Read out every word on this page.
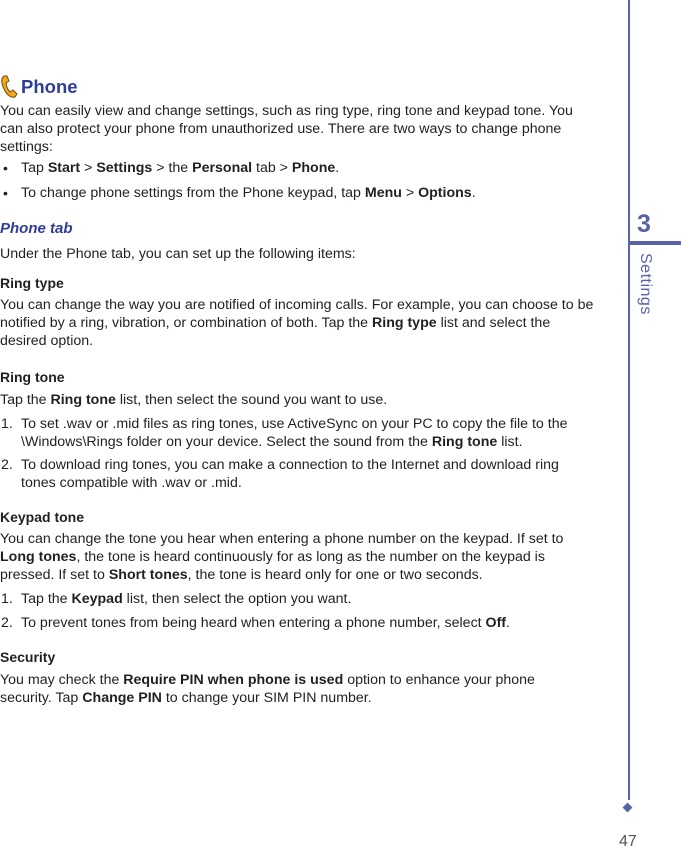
Phone
You can easily view and change settings, such as ring type, ring tone and keypad tone. You can also protect your phone from unauthorized use. There are two ways to change phone settings:
• Tap Start > Settings > the Personal tab > Phone.
• To change phone settings from the Phone keypad, tap Menu > Options.
Phone tab
Under the Phone tab, you can set up the following items:
Ring type
You can change the way you are notified of incoming calls. For example, you can choose to be notified by a ring, vibration, or combination of both. Tap the Ring type list and select the desired option.
Ring tone
Tap the Ring tone list, then select the sound you want to use.
1. To set .wav or .mid files as ring tones, use ActiveSync on your PC to copy the file to the \Windows\Rings folder on your device. Select the sound from the Ring tone list.
2. To download ring tones, you can make a connection to the Internet and download ring tones compatible with .wav or .mid.
Keypad tone
You can change the tone you hear when entering a phone number on the keypad. If set to Long tones, the tone is heard continuously for as long as the number on the keypad is pressed. If set to Short tones, the tone is heard only for one or two seconds.
1. Tap the Keypad list, then select the option you want.
2. To prevent tones from being heard when entering a phone number, select Off.
Security
You may check the Require PIN when phone is used option to enhance your phone security. Tap Change PIN to change your SIM PIN number.
3
Settings
47
